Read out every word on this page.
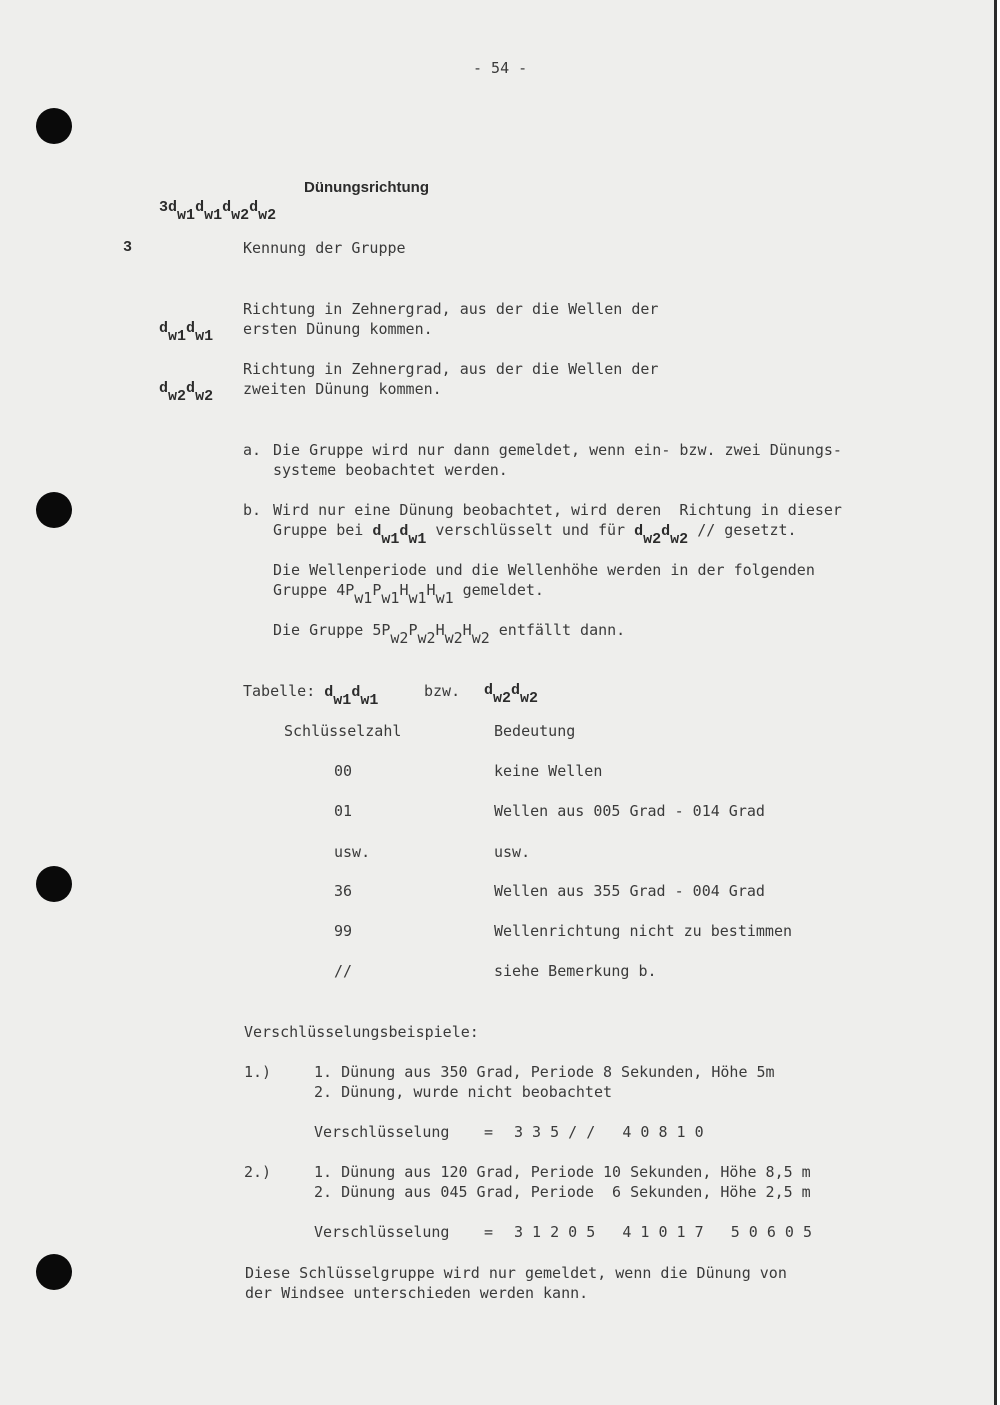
- 54 -

3dw1dw1dw2dw2

Dünungsrichtung
3	Kennung der Gruppe

dw1dw1

Richtung in Zehnergrad, aus der die Wellen der
ersten Dünung kommen.

dw2dw2

Richtung in Zehnergrad, aus der die Wellen der
zweiten Dünung kommen.
a. Die Gruppe wird nur dann gemeldet, wenn ein- bzw. zwei Dünungs-
systeme beobachtet werden.
b. Wird nur eine Dünung beobachtet, wird deren  Richtung in dieser
Gruppe bei dw1dw1 verschlüsselt und für dw2dw2 // gesetzt.
Die Wellenperiode und die Wellenhöhe werden in der folgenden
Gruppe 4Pw1Pw1Hw1Hw1 gemeldet.
Die Gruppe 5Pw2Pw2Hw2Hw2 entfällt dann.
Tabelle: dw1dw1
bzw. dw2dw2
Schlüsselzahl	Bedeutung
00	keine Wellen
01	Wellen aus 005 Grad - 014 Grad
usw.	usw.
36	Wellen aus 355 Grad - 004 Grad
99	Wellenrichtung nicht zu bestimmen
//	siehe Bemerkung b.
Verschlüsselungsbeispiele:
1.)	1. Dünung aus 350 Grad, Periode 8 Sekunden, Höhe 5m
2. Dünung, wurde nicht beobachtet
Verschlüsselung = 3 3 5 / /   4 0 8 1 0
2.)	1. Dünung aus 120 Grad, Periode 10 Sekunden, Höhe 8,5 m
2. Dünung aus 045 Grad, Periode  6 Sekunden, Höhe 2,5 m
Verschlüsselung = 3 1 2 0 5   4 1 0 1 7   5 0 6 0 5
Diese Schlüsselgruppe wird nur gemeldet, wenn die Dünung von
der Windsee unterschieden werden kann.
